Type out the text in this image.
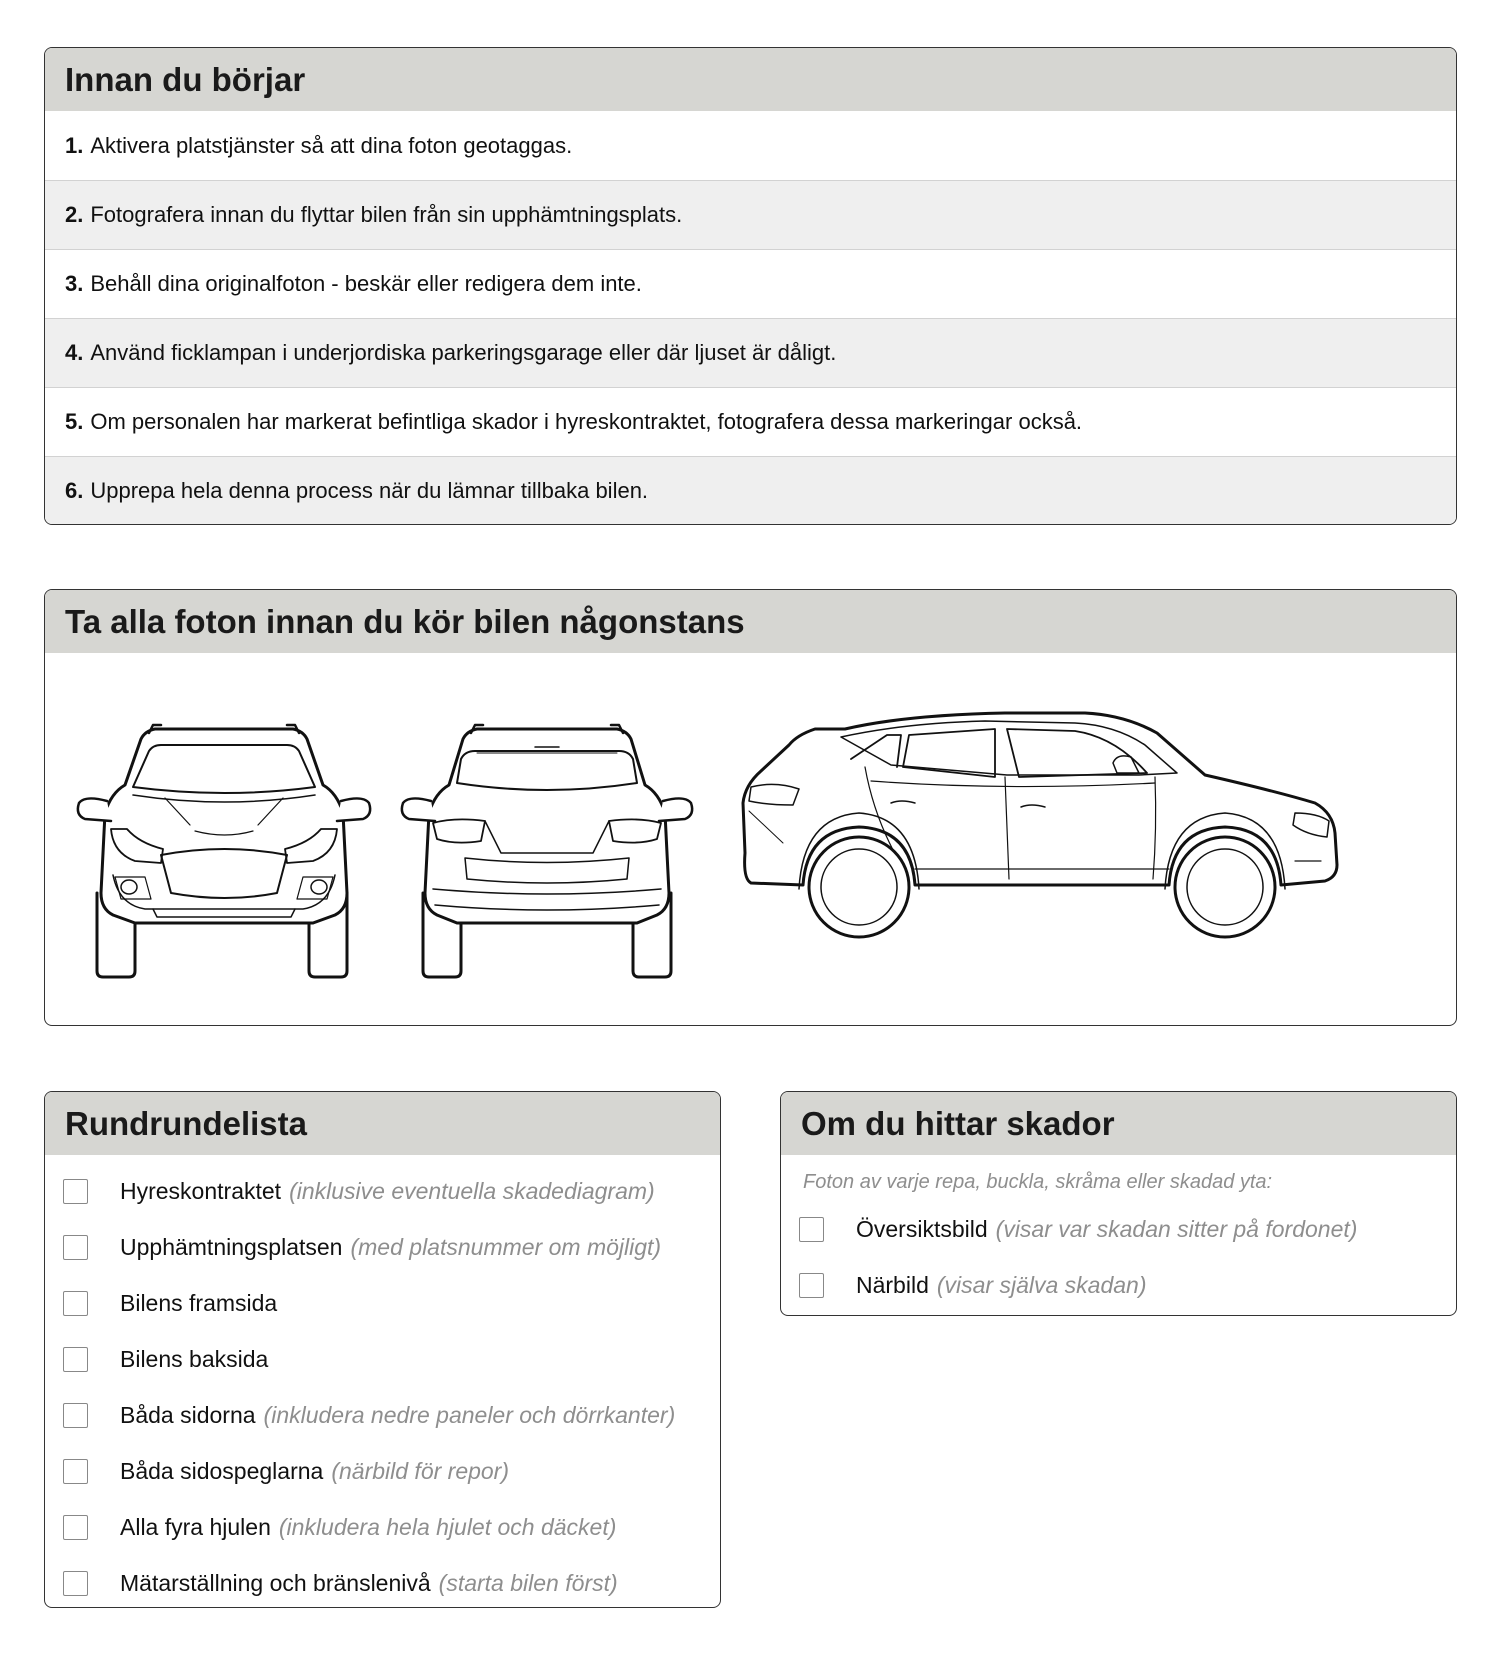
Innan du börjar
1. Aktivera platstjänster så att dina foton geotaggas.
2. Fotografera innan du flyttar bilen från sin upphämtningsplats.
3. Behåll dina originalfoton - beskär eller redigera dem inte.
4. Använd ficklampan i underjordiska parkeringsgarage eller där ljuset är dåligt.
5. Om personalen har markerat befintliga skador i hyreskontraktet, fotografera dessa markeringar också.
6. Upprepa hela denna process när du lämnar tillbaka bilen.
Ta alla foton innan du kör bilen någonstans
Rundrundelista
Hyreskontraktet (inklusive eventuella skadediagram)
Upphämtningsplatsen (med platsnummer om möjligt)
Bilens framsida
Bilens baksida
Båda sidorna (inkludera nedre paneler och dörrkanter)
Båda sidospeglarna (närbild för repor)
Alla fyra hjulen (inkludera hela hjulet och däcket)
Mätarställning och bränslenivå (starta bilen först)
Om du hittar skador
Foton av varje repa, buckla, skråma eller skadad yta:
Översiktsbild (visar var skadan sitter på fordonet)
Närbild (visar själva skadan)
